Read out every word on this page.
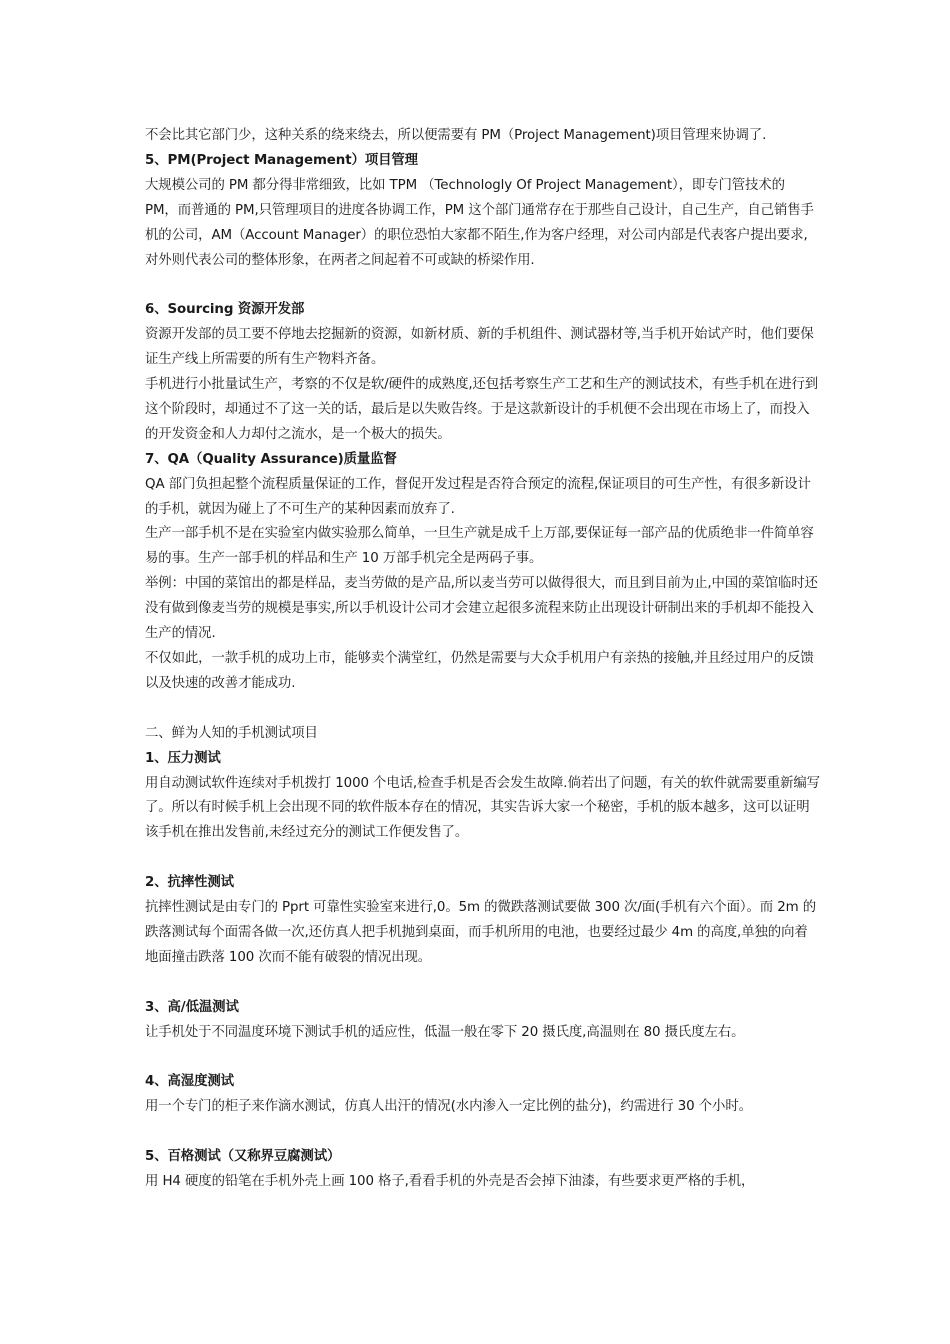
不会比其它部门少，这种关系的绕来绕去，所以便需要有 PM（Project Management)项目管理来协调了.

5、PM(Project Management）项目管理

大规模公司的 PM 都分得非常细致，比如 TPM （Technologly Of Project Management），即专门管技术的 PM，而普通的 PM,只管理项目的进度各协调工作，PM 这个部门通常存在于那些自己设计，自己生产，自己销售手机的公司，AM（Account Manager）的职位恐怕大家都不陌生,作为客户经理，对公司内部是代表客户提出要求,对外则代表公司的整体形象，在两者之间起着不可或缺的桥梁作用.

6、Sourcing 资源开发部

资源开发部的员工要不停地去挖掘新的资源，如新材质、新的手机组件、测试器材等,当手机开始试产时，他们要保证生产线上所需要的所有生产物料齐备。

手机进行小批量试生产，考察的不仅是软/硬件的成熟度,还包括考察生产工艺和生产的测试技术，有些手机在进行到这个阶段时，却通过不了这一关的话，最后是以失败告终。于是这款新设计的手机便不会出现在市场上了，而投入的开发资金和人力却付之流水，是一个极大的损失。

7、QA（Quality Assurance)质量监督

QA 部门负担起整个流程质量保证的工作，督促开发过程是否符合预定的流程,保证项目的可生产性，有很多新设计的手机，就因为碰上了不可生产的某种因素而放弃了.

生产一部手机不是在实验室内做实验那么简单，一旦生产就是成千上万部,要保证每一部产品的优质绝非一件简单容易的事。生产一部手机的样品和生产 10 万部手机完全是两码子事。

举例：中国的菜馆出的都是样品，麦当劳做的是产品,所以麦当劳可以做得很大，而且到目前为止,中国的菜馆临时还没有做到像麦当劳的规模是事实,所以手机设计公司才会建立起很多流程来防止出现设计研制出来的手机却不能投入生产的情况.

不仅如此，一款手机的成功上市，能够卖个满堂红，仍然是需要与大众手机用户有亲热的接触,并且经过用户的反馈以及快速的改善才能成功.

二、鲜为人知的手机测试项目

1、压力测试

用自动测试软件连续对手机拨打 1000 个电话,检查手机是否会发生故障.倘若出了问题，有关的软件就需要重新编写了。所以有时候手机上会出现不同的软件版本存在的情况，其实告诉大家一个秘密，手机的版本越多，这可以证明该手机在推出发售前,未经过充分的测试工作便发售了。

2、抗摔性测试

抗摔性测试是由专门的 Pprt 可靠性实验室来进行,0。5m 的微跌落测试要做 300 次/面(手机有六个面）。而 2m 的跌落测试每个面需各做一次,还仿真人把手机抛到桌面，而手机所用的电池，也要经过最少 4m 的高度,单独的向着地面撞击跌落 100 次而不能有破裂的情况出现。

3、高/低温测试

让手机处于不同温度环境下测试手机的适应性，低温一般在零下 20 摄氏度,高温则在 80 摄氏度左右。

4、高湿度测试

用一个专门的柜子来作滴水测试，仿真人出汗的情况(水内渗入一定比例的盐分)，约需进行 30 个小时。

5、百格测试（又称界豆腐测试）

用 H4 硬度的铅笔在手机外壳上画 100 格子,看看手机的外壳是否会掉下油漆，有些要求更严格的手机，
